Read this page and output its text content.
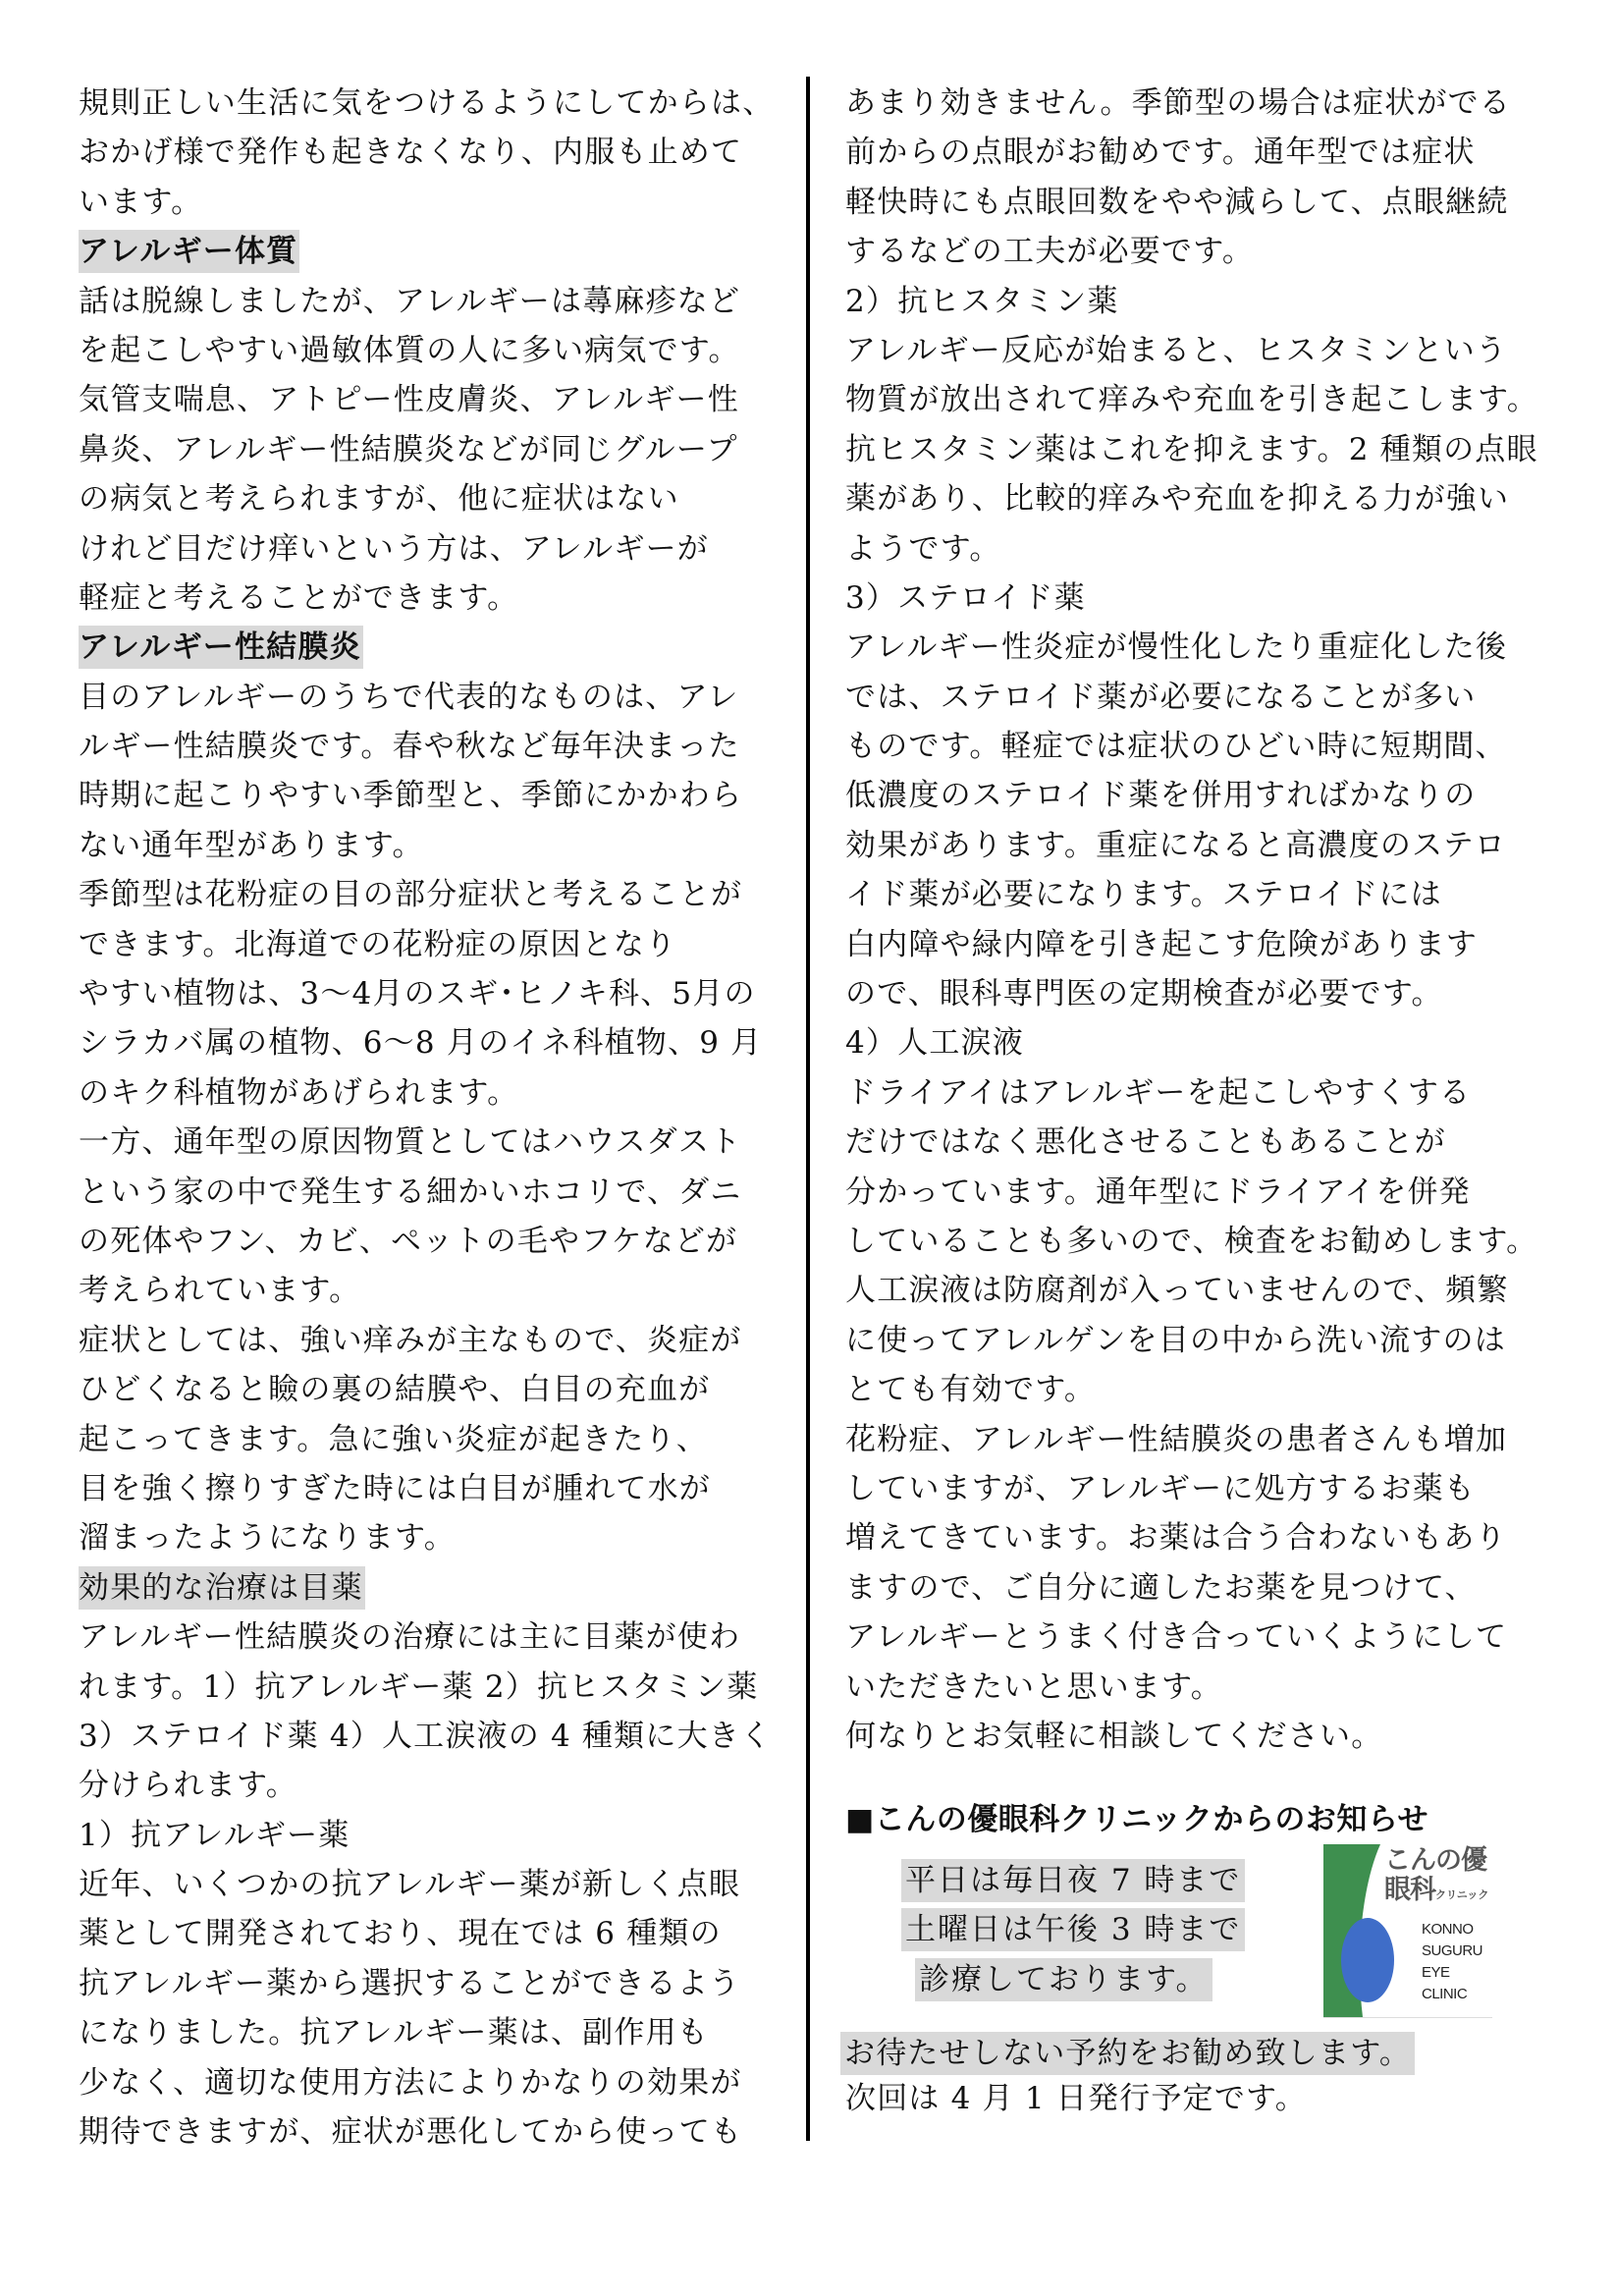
規則正しい生活に気をつけるようにしてからは、
おかげ様で発作も起きなくなり、内服も止めて
います。
アレルギー体質
話は脱線しましたが、アレルギーは蕁麻疹など
を起こしやすい過敏体質の人に多い病気です。
気管支喘息、アトピー性皮膚炎、アレルギー性
鼻炎、アレルギー性結膜炎などが同じグループ
の病気と考えられますが、他に症状はない
けれど目だけ痒いという方は、アレルギーが
軽症と考えることができます。
アレルギー性結膜炎
目のアレルギーのうちで代表的なものは、アレ
ルギー性結膜炎です。春や秋など毎年決まった
時期に起こりやすい季節型と、季節にかかわら
ない通年型があります。
季節型は花粉症の目の部分症状と考えることが
できます。北海道での花粉症の原因となり
やすい植物は、3～4月のスギ･ヒノキ科、5月の
シラカバ属の植物、6～8 月のイネ科植物、9 月
のキク科植物があげられます。
一方、通年型の原因物質としてはハウスダスト
という家の中で発生する細かいホコリで、ダニ
の死体やフン、カビ、ペットの毛やフケなどが
考えられています。
症状としては、強い痒みが主なもので、炎症が
ひどくなると瞼の裏の結膜や、白目の充血が
起こってきます。急に強い炎症が起きたり、
目を強く擦りすぎた時には白目が腫れて水が
溜まったようになります。
効果的な治療は目薬
アレルギー性結膜炎の治療には主に目薬が使わ
れます。1）抗アレルギー薬 2）抗ヒスタミン薬
3）ステロイド薬 4）人工涙液の 4 種類に大きく
分けられます。
1）抗アレルギー薬
近年、いくつかの抗アレルギー薬が新しく点眼
薬として開発されており、現在では 6 種類の
抗アレルギー薬から選択することができるよう
になりました。抗アレルギー薬は、副作用も
少なく、適切な使用方法によりかなりの効果が
期待できますが、症状が悪化してから使っても
あまり効きません。季節型の場合は症状がでる
前からの点眼がお勧めです。通年型では症状
軽快時にも点眼回数をやや減らして、点眼継続
するなどの工夫が必要です。
2）抗ヒスタミン薬
アレルギー反応が始まると、ヒスタミンという
物質が放出されて痒みや充血を引き起こします。
抗ヒスタミン薬はこれを抑えます。2 種類の点眼
薬があり、比較的痒みや充血を抑える力が強い
ようです。
3）ステロイド薬
アレルギー性炎症が慢性化したり重症化した後
では、ステロイド薬が必要になることが多い
ものです。軽症では症状のひどい時に短期間、
低濃度のステロイド薬を併用すればかなりの
効果があります。重症になると高濃度のステロ
イド薬が必要になります。ステロイドには
白内障や緑内障を引き起こす危険があります
ので、眼科専門医の定期検査が必要です。
4）人工涙液
ドライアイはアレルギーを起こしやすくする
だけではなく悪化させることもあることが
分かっています。通年型にドライアイを併発
していることも多いので、検査をお勧めします。
人工涙液は防腐剤が入っていませんので、頻繁
に使ってアレルゲンを目の中から洗い流すのは
とても有効です。
花粉症、アレルギー性結膜炎の患者さんも増加
していますが、アレルギーに処方するお薬も
増えてきています。お薬は合う合わないもあり
ますので、ご自分に適したお薬を見つけて、
アレルギーとうまく付き合っていくようにして
いただきたいと思います。
何なりとお気軽に相談してください。
■こんの優眼科クリニックからのお知らせ
平日は毎日夜 7 時まで
土曜日は午後 3 時まで
診療しております。
お待たせしない予約をお勧め致します。
次回は 4 月 1 日発行予定です。
こんの優
眼科クリニック
KONNO
SUGURU
EYE
CLINIC
